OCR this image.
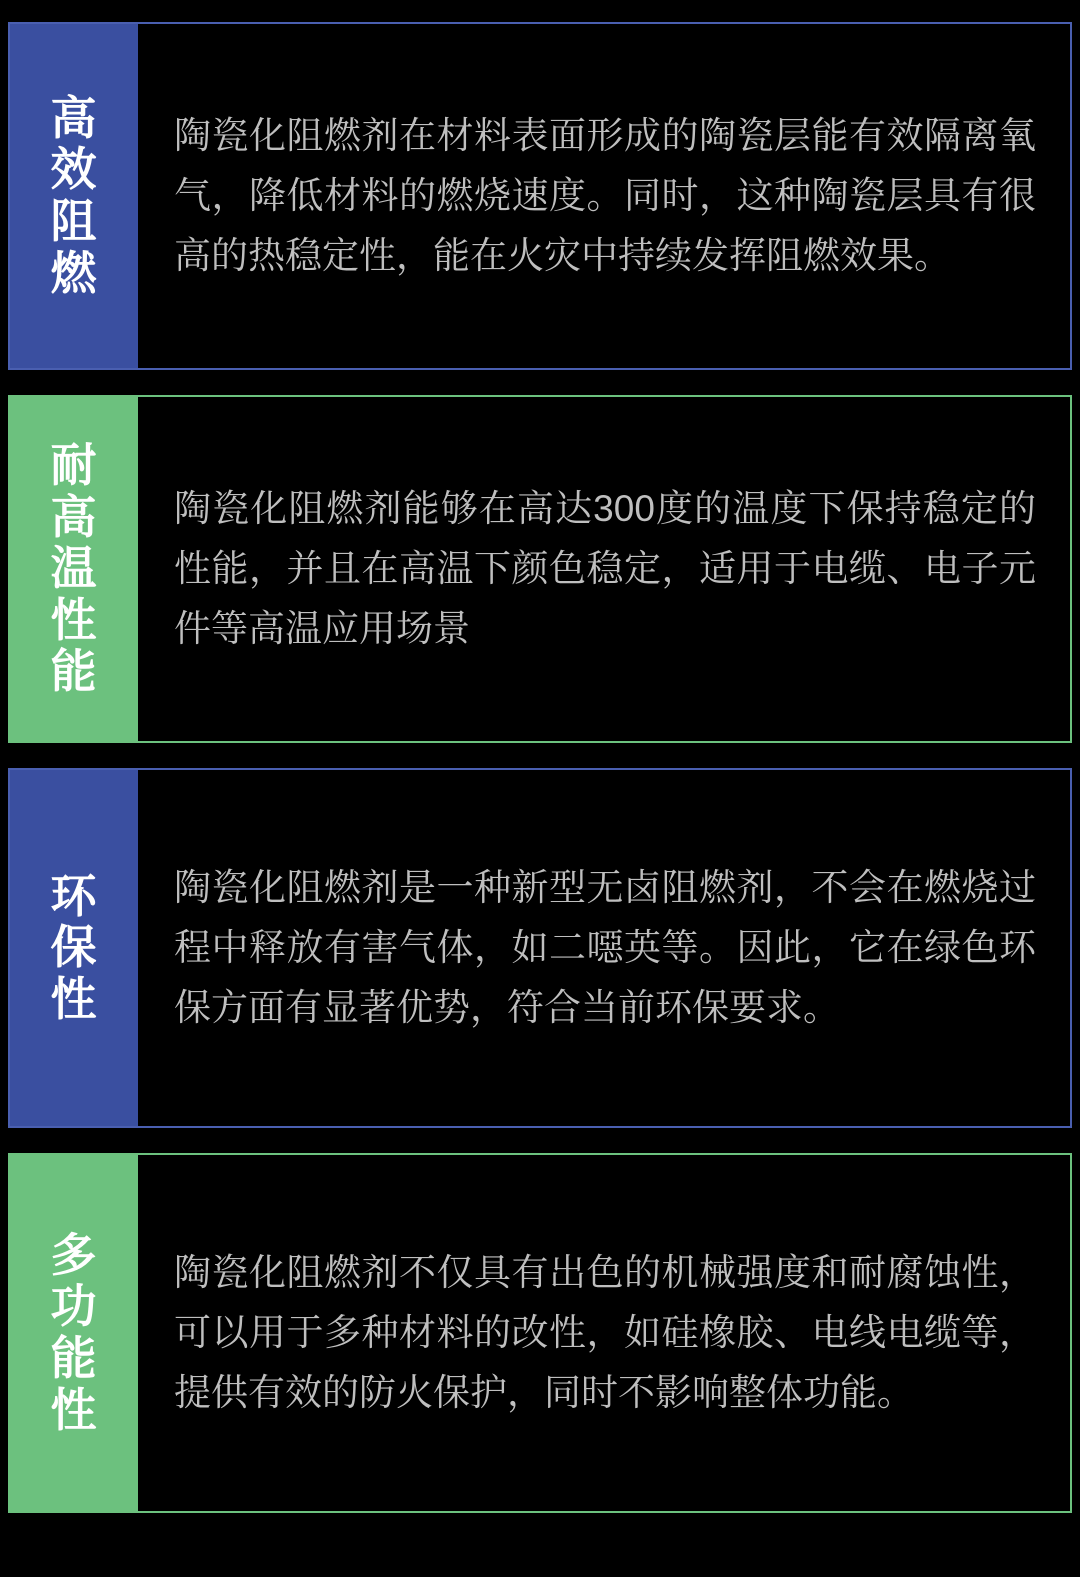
高效阻燃

陶瓷化阻燃剂在材料表面形成的陶瓷层能有效隔离氧气，降低材料的燃烧速度。同时，这种陶瓷层具有很高的热稳定性，能在火灾中持续发挥阻燃效果。

耐高温性能

陶瓷化阻燃剂能够在高达300度的温度下保持稳定的性能，并且在高温下颜色稳定，适用于电缆、电子元件等高温应用场景

环保性

陶瓷化阻燃剂是一种新型无卤阻燃剂，不会在燃烧过程中释放有害气体，如二噁英等。因此，它在绿色环保方面有显著优势，符合当前环保要求。

多功能性

陶瓷化阻燃剂不仅具有出色的机械强度和耐腐蚀性，可以用于多种材料的改性，如硅橡胶、电线电缆等，提供有效的防火保护，同时不影响整体功能。
